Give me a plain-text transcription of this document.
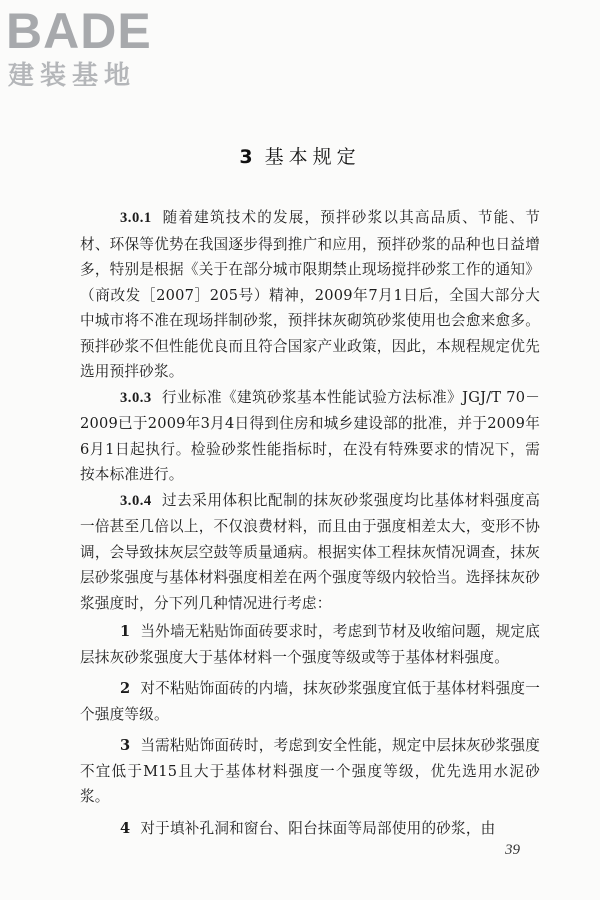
BADE
建装基地
3 基本规定

3.0.1 随着建筑技术的发展，预拌砂浆以其高品质、节能、节材、环保等优势在我国逐步得到推广和应用，预拌砂浆的品种也日益增多，特别是根据《关于在部分城市限期禁止现场搅拌砂浆工作的通知》（商改发［2007］205号）精神，2009年7月1日后，全国大部分大中城市将不准在现场拌制砂浆，预拌抹灰砌筑砂浆使用也会愈来愈多。预拌砂浆不但性能优良而且符合国家产业政策，因此，本规程规定优先选用预拌砂浆。

3.0.3 行业标准《建筑砂浆基本性能试验方法标准》JGJ/T 70－2009已于2009年3月4日得到住房和城乡建设部的批准，并于2009年6月1日起执行。检验砂浆性能指标时，在没有特殊要求的情况下，需按本标准进行。

3.0.4 过去采用体积比配制的抹灰砂浆强度均比基体材料强度高一倍甚至几倍以上，不仅浪费材料，而且由于强度相差太大，变形不协调，会导致抹灰层空鼓等质量通病。根据实体工程抹灰情况调查，抹灰层砂浆强度与基体材料强度相差在两个强度等级内较恰当。选择抹灰砂浆强度时，分下列几种情况进行考虑：

1 当外墙无粘贴饰面砖要求时，考虑到节材及收缩问题，规定底层抹灰砂浆强度大于基体材料一个强度等级或等于基体材料强度。

2 对不粘贴饰面砖的内墙，抹灰砂浆强度宜低于基体材料强度一个强度等级。

3 当需粘贴饰面砖时，考虑到安全性能，规定中层抹灰砂浆强度不宜低于M15且大于基体材料强度一个强度等级，优先选用水泥砂浆。

4 对于填补孔洞和窗台、阳台抹面等局部使用的砂浆，由

39
